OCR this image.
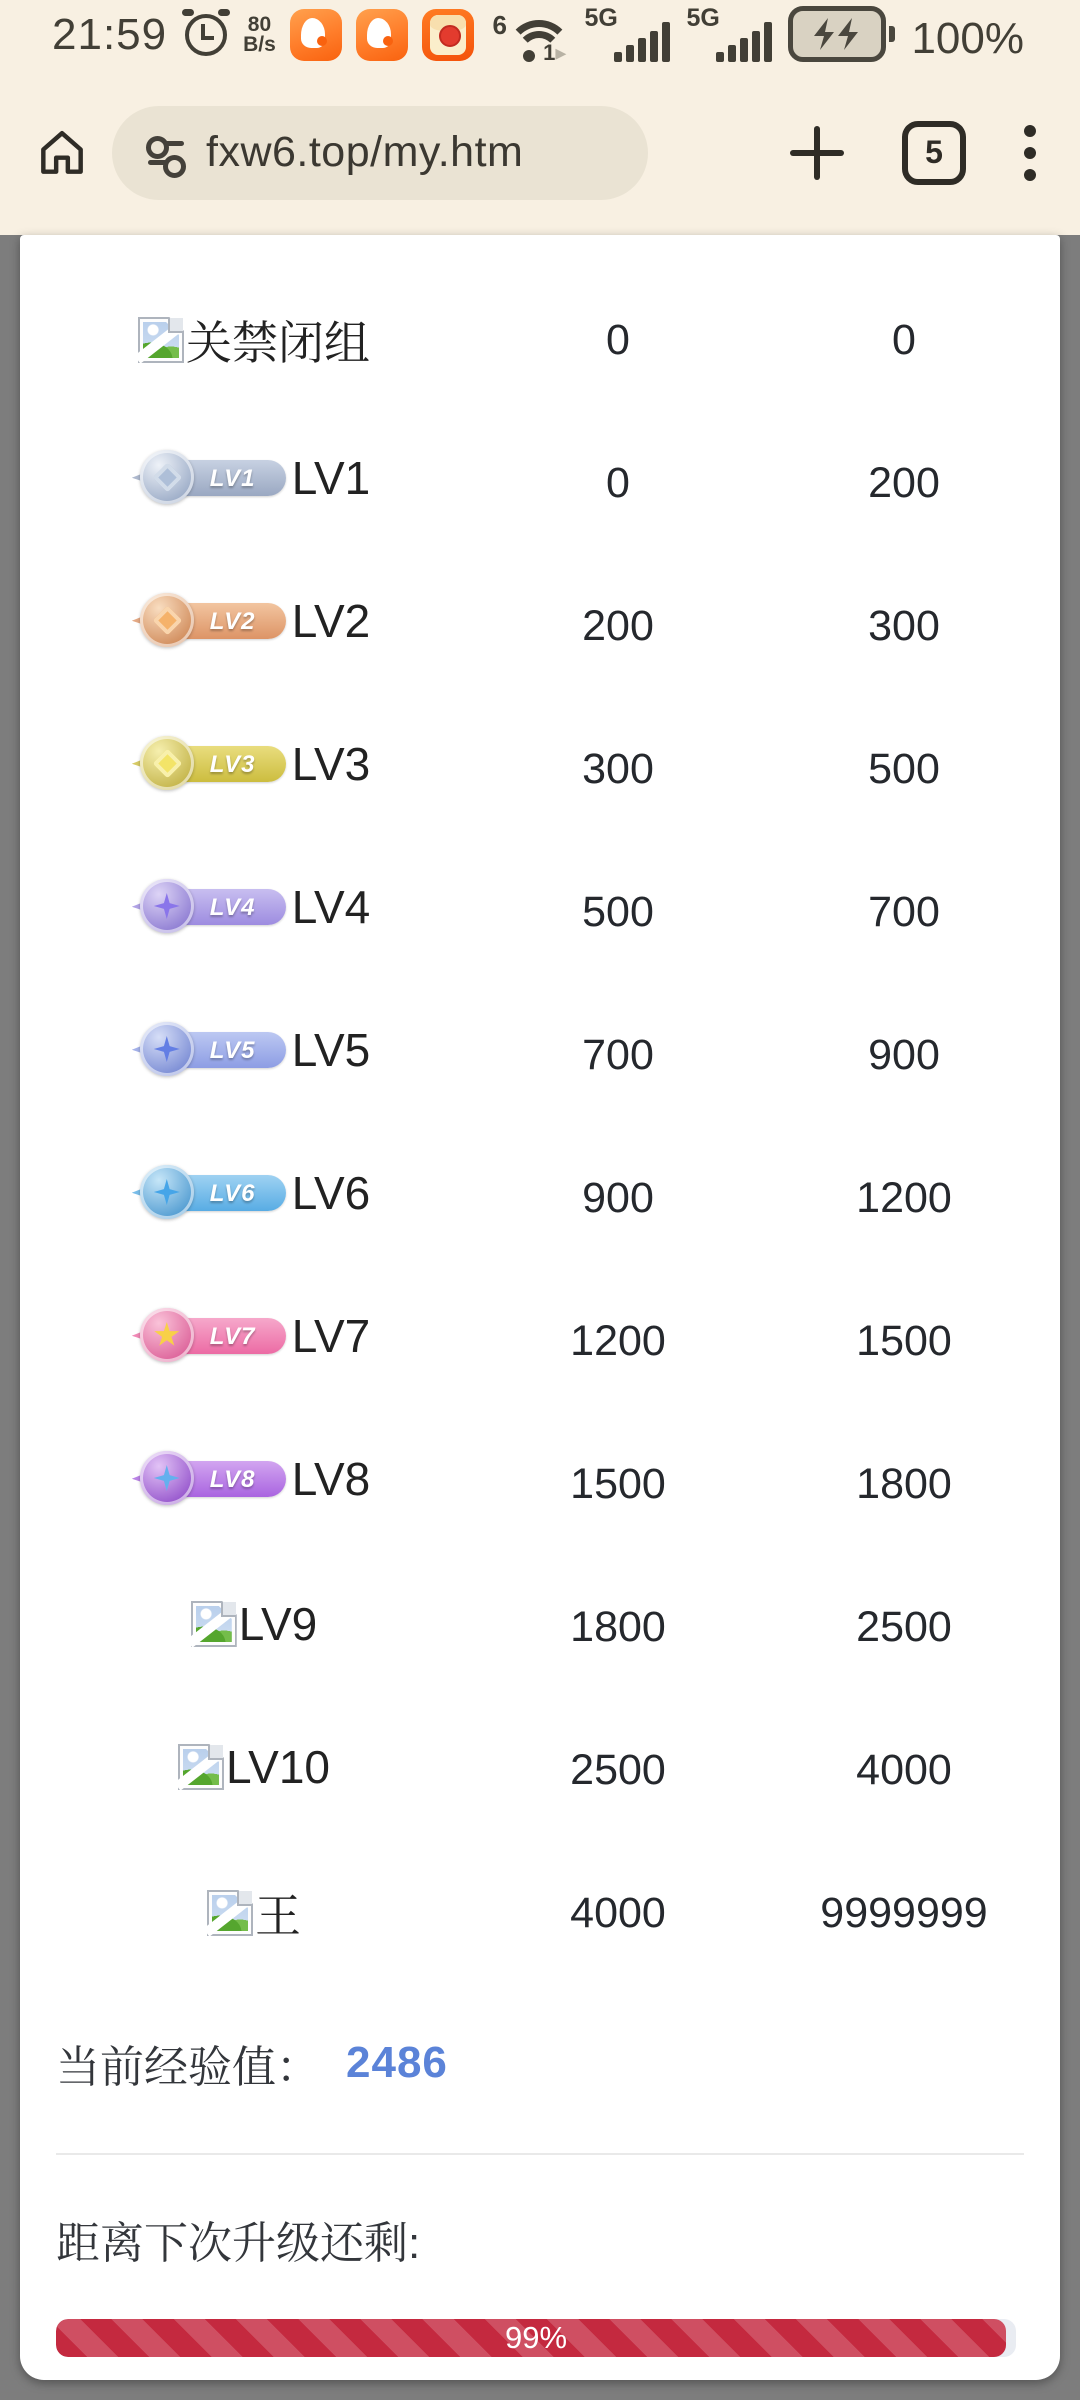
21:59	80
B/s
6
1▸
5G	5G	100%
fxw6.top/my.htm	5
关禁闭组	0	0

LV1 LV1	0	200

LV2 LV2	200	300

LV3 LV3	300	500

LV4 LV4	500	700

LV5 LV5	700	900

LV6 LV6	900	1200

LV7 LV7	1200	1500

LV8 LV8	1500	1800

LV9	1800	2500

LV10	2500	4000

王	4000	9999999
当前经验值： 2486
距离下次升级还剩:
99%
